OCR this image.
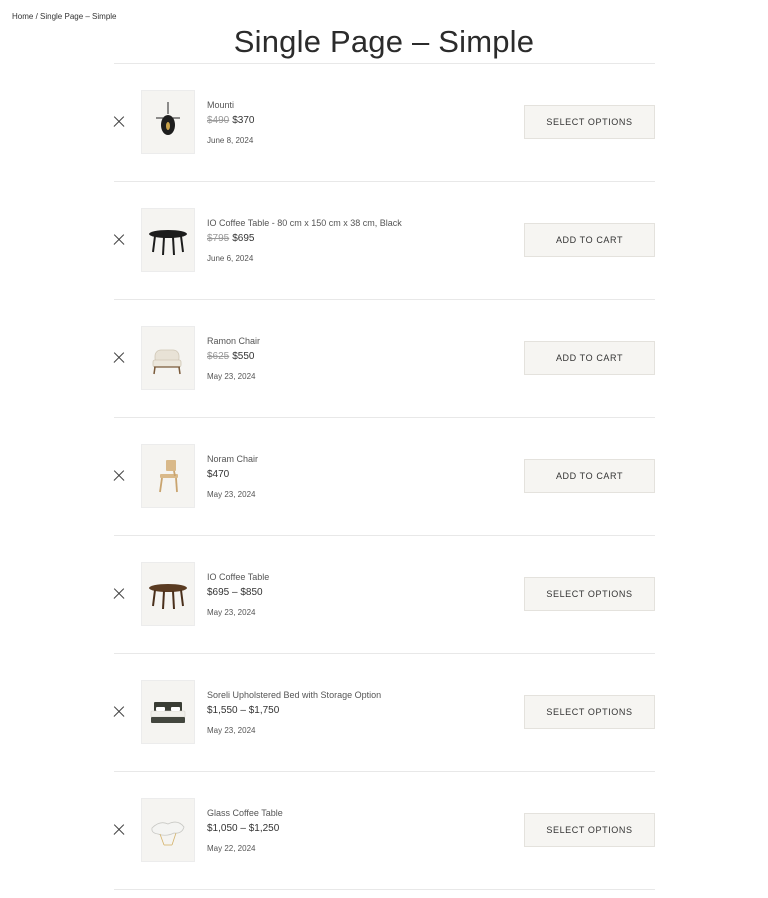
Home / Single Page – Simple
Single Page – Simple
Mounti
$490 $370
June 8, 2024
SELECT OPTIONS
IO Coffee Table - 80 cm x 150 cm x 38 cm, Black
$795 $695
June 6, 2024
ADD TO CART
Ramon Chair
$625 $550
May 23, 2024
ADD TO CART
Noram Chair
$470
May 23, 2024
ADD TO CART
IO Coffee Table
$695 – $850
May 23, 2024
SELECT OPTIONS
Soreli Upholstered Bed with Storage Option
$1,550 – $1,750
May 23, 2024
SELECT OPTIONS
Glass Coffee Table
$1,050 – $1,250
May 22, 2024
SELECT OPTIONS
